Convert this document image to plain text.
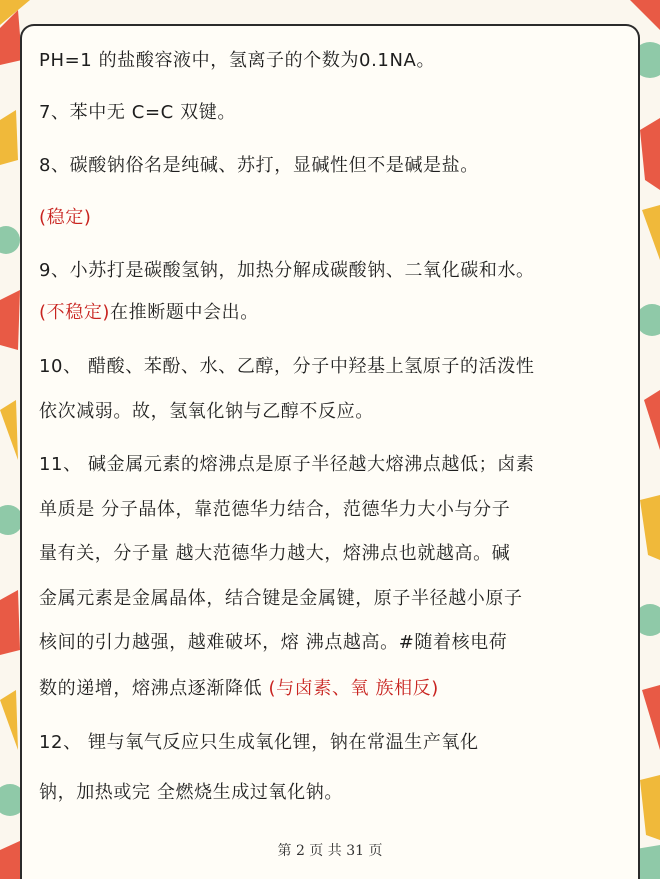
PH=1 的盐酸容液中，氢离子的个数为0.1NA。
7、苯中无 C=C 双键。
8、碳酸钠俗名是纯碱、苏打，显碱性但不是碱是盐。
(稳定)
9、小苏打是碳酸氢钠，加热分解成碳酸钠、二氧化碳和水。
(不稳定)在推断题中会出。
10、 醋酸、苯酚、水、乙醇，分子中羟基上氢原子的活泼性
依次减弱。故，氢氧化钠与乙醇不反应。
11、 碱金属元素的熔沸点是原子半径越大熔沸点越低；卤素
单质是 分子晶体，靠范德华力结合，范德华力大小与分子
量有关，分子量 越大范德华力越大，熔沸点也就越高。碱
金属元素是金属晶体，结合键是金属键，原子半径越小原子
核间的引力越强，越难破坏，熔 沸点越高。#随着核电荷
数的递增，熔沸点逐渐降低 (与卤素、氧 族相反)
12、 锂与氧气反应只生成氧化锂，钠在常温生产氧化
钠，加热或完 全燃烧生成过氧化钠。
第 2 页 共 31 页
